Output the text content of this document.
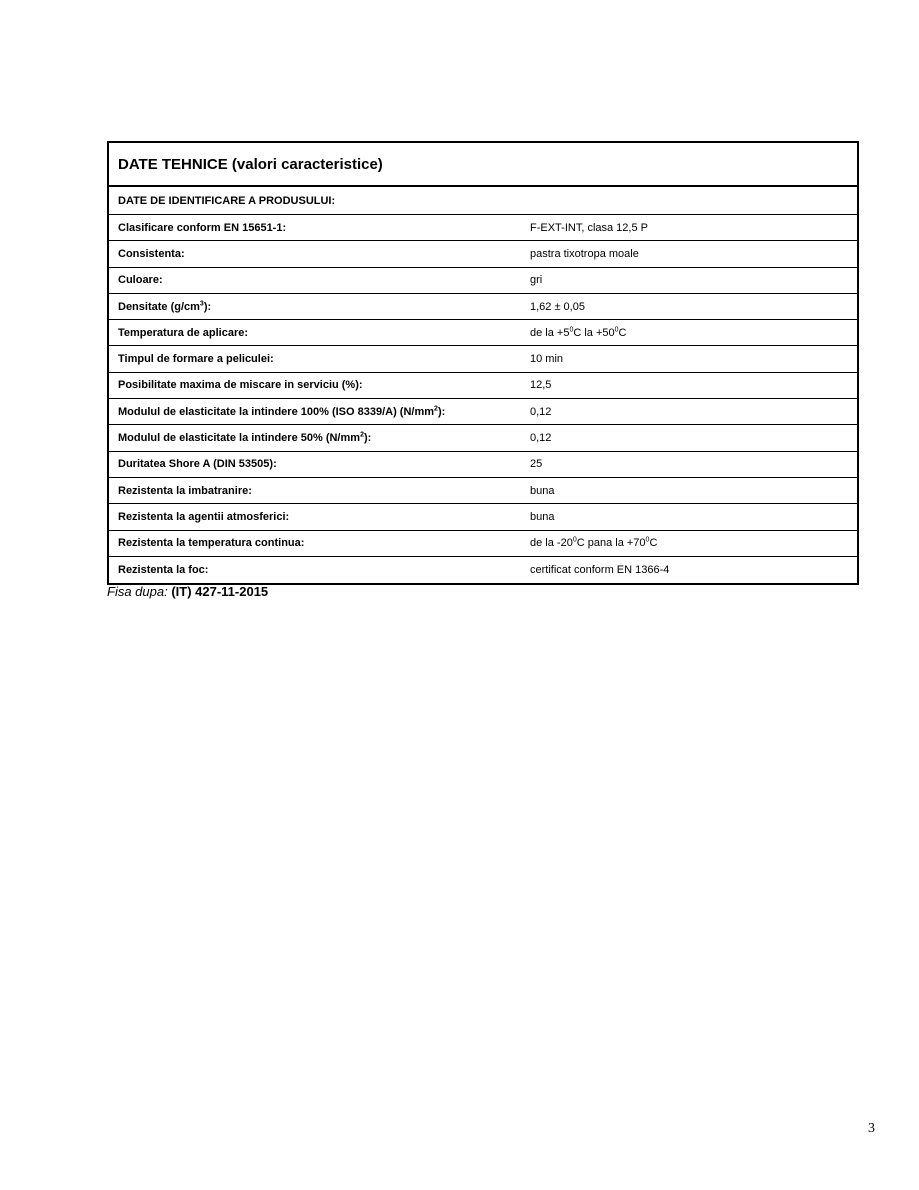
DATE TEHNICE (valori caracteristice)
DATE DE IDENTIFICARE A PRODUSULUI:
Clasificare conform EN 15651-1:	F-EXT-INT, clasa 12,5 P
Consistenta:	pastra tixotropa moale
Culoare:	gri
Densitate $(g/cm^3)$:	1,62 ± 0,05
Temperatura de aplicare:	de la $+5^0C$ la $+50^0C$
Timpul de formare a peliculei:	10 min
Posibilitate maxima de miscare in serviciu (%):	12,5
Modulul de elasticitate la intindere 100% (ISO 8339/A) $(N/mm^2)$:	0,12
Modulul de elasticitate la intindere 50% $(N/mm^2)$:	0,12
Duritatea Shore A (DIN 53505):	25
Rezistenta la imbatranire:	buna
Rezistenta la agentii atmosferici:	buna
Rezistenta la temperatura continua:	de la $-20^0C$ pana la $+70^0C$
Rezistenta la foc:	certificat conform EN 1366-4
Fisa dupa: (IT) 427-11-2015
3
